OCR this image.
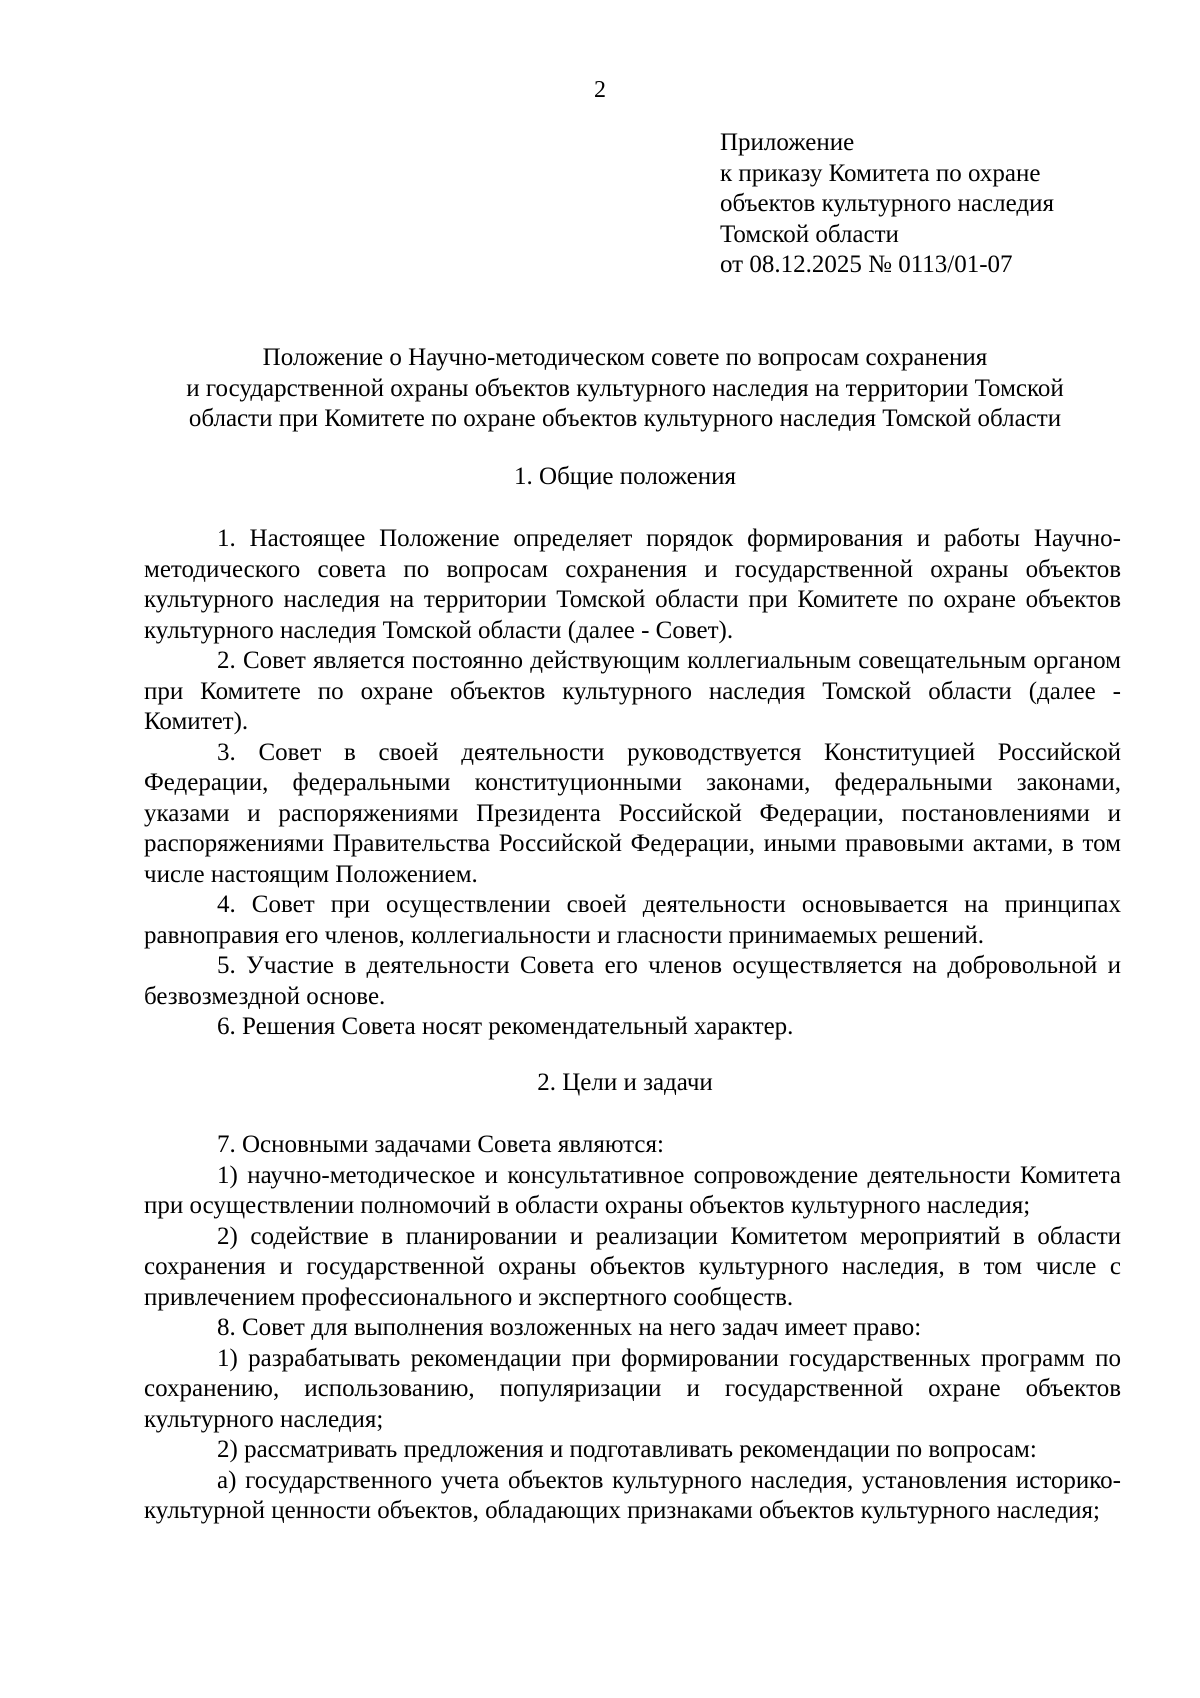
2
Приложение
к приказу Комитета по охране
объектов культурного наследия
Томской области
от 08.12.2025 № 0113/01-07
Положение о Научно-методическом совете по вопросам сохранения
и государственной охраны объектов культурного наследия на территории Томской
области при Комитете по охране объектов культурного наследия Томской области
1. Общие положения

1. Настоящее Положение определяет порядок формирования и работы Научно-методического совета по вопросам сохранения и государственной охраны объектов культурного наследия на территории Томской области при Комитете по охране объектов культурного наследия Томской области (далее - Совет).

2. Совет является постоянно действующим коллегиальным совещательным органом при Комитете по охране объектов культурного наследия Томской области (далее - Комитет).

3. Совет в своей деятельности руководствуется Конституцией Российской Федерации, федеральными конституционными законами, федеральными законами, указами и распоряжениями Президента Российской Федерации, постановлениями и распоряжениями Правительства Российской Федерации, иными правовыми актами, в том числе настоящим Положением.

4. Совет при осуществлении своей деятельности основывается на принципах равноправия его членов, коллегиальности и гласности принимаемых решений.

5. Участие в деятельности Совета его членов осуществляется на добровольной и безвозмездной основе.

6. Решения Совета носят рекомендательный характер.

2. Цели и задачи

7. Основными задачами Совета являются:

1) научно-методическое и консультативное сопровождение деятельности Комитета при осуществлении полномочий в области охраны объектов культурного наследия;

2) содействие в планировании и реализации Комитетом мероприятий в области сохранения и государственной охраны объектов культурного наследия, в том числе с привлечением профессионального и экспертного сообществ.

8. Совет для выполнения возложенных на него задач имеет право:

1) разрабатывать рекомендации при формировании государственных программ по сохранению, использованию, популяризации и государственной охране объектов культурного наследия;

2) рассматривать предложения и подготавливать рекомендации по вопросам:

а) государственного учета объектов культурного наследия, установления историко-культурной ценности объектов, обладающих признаками объектов культурного наследия;
